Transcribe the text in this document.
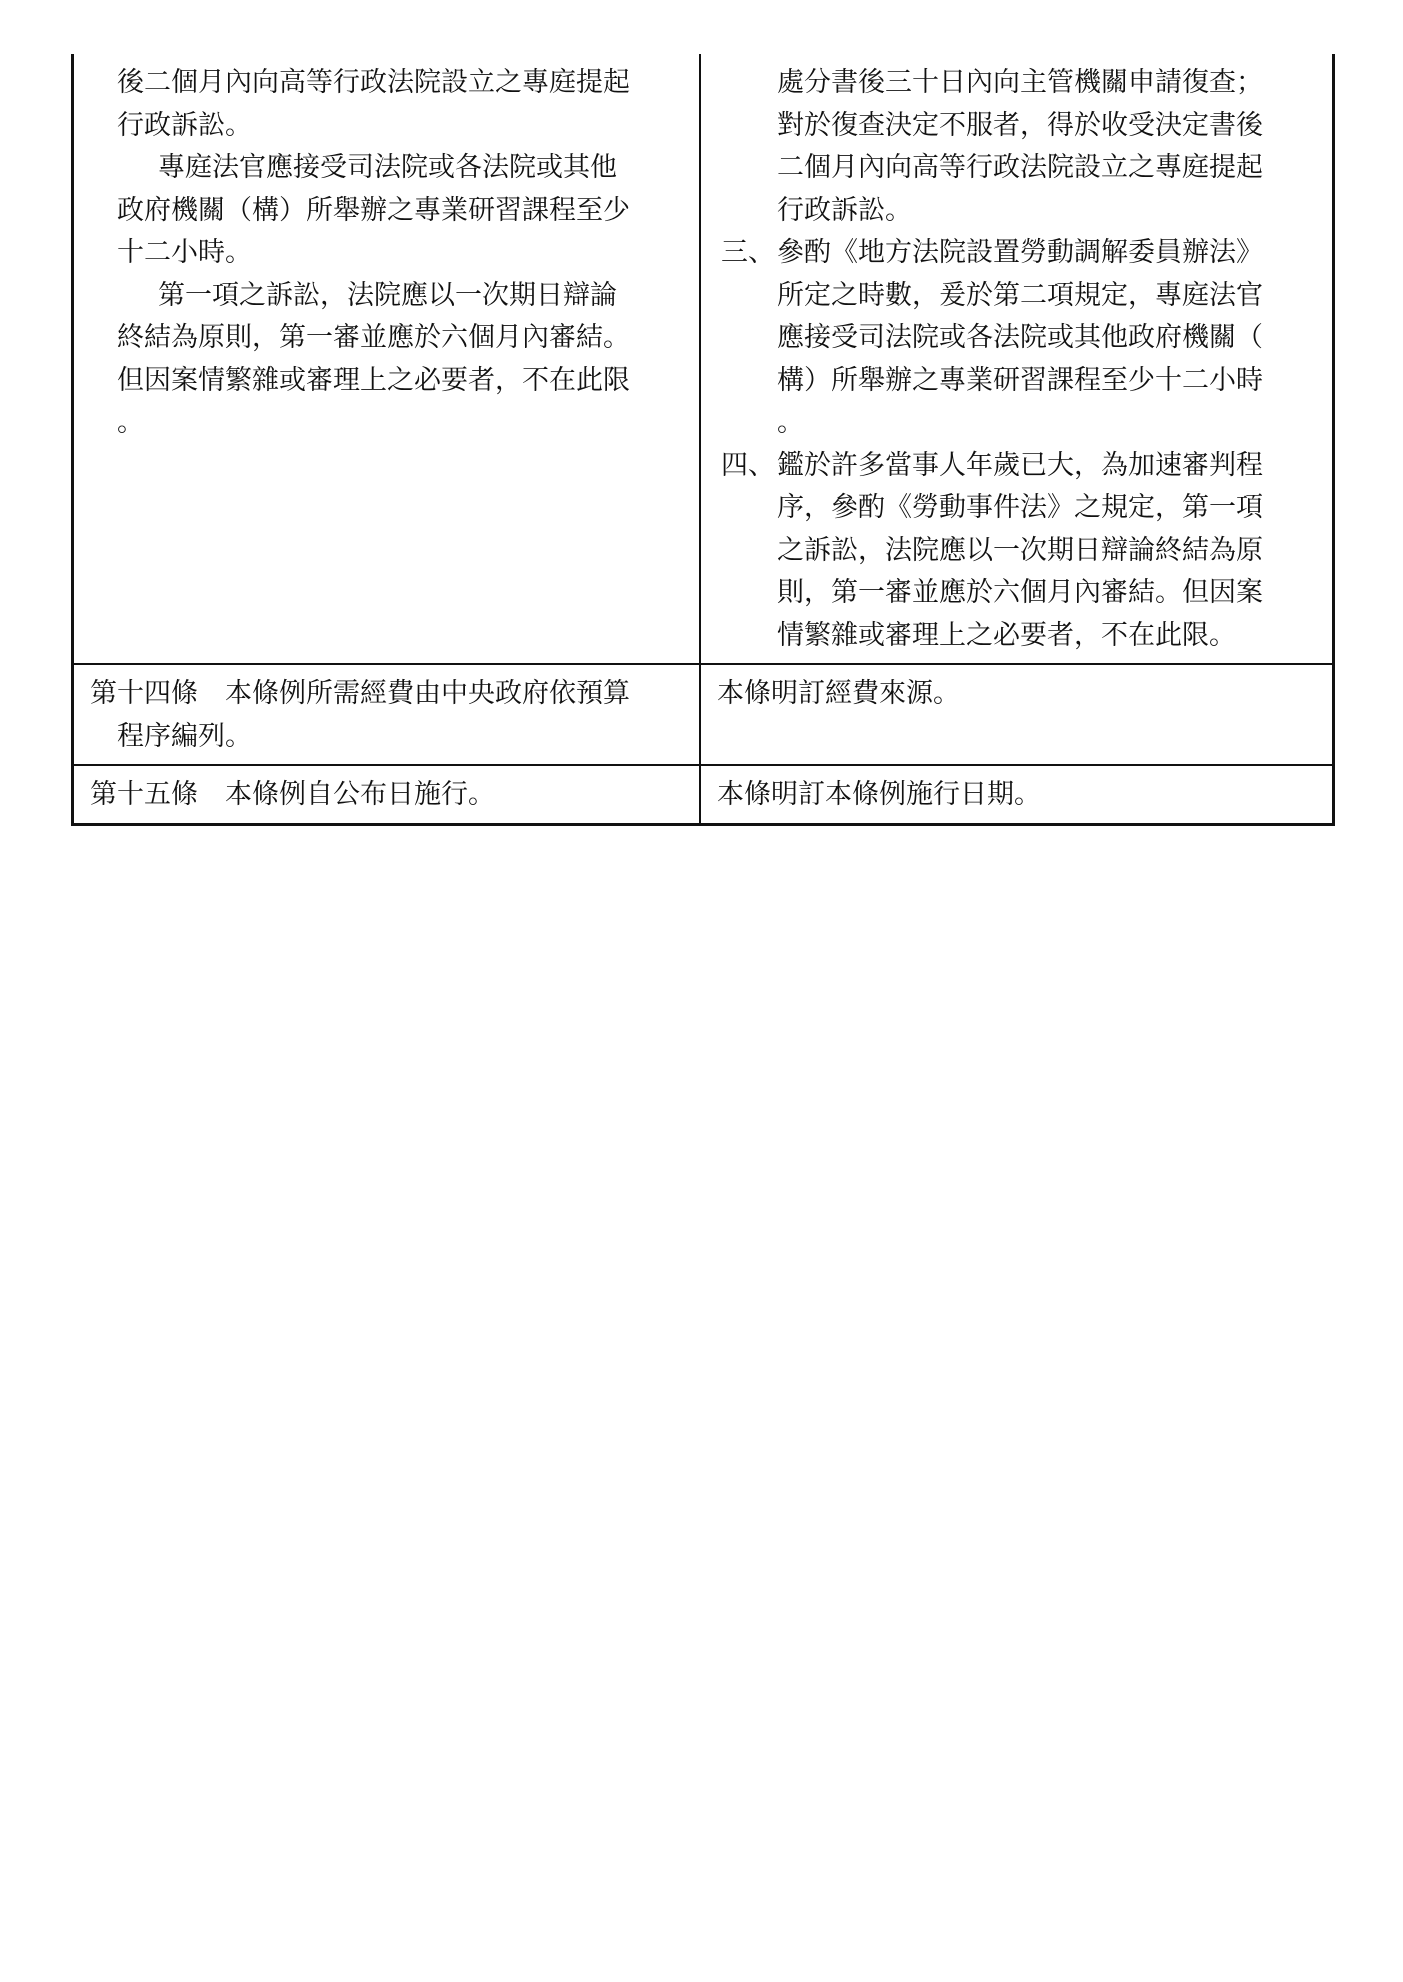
後二個月內向高等行政法院設立之專庭提起
行政訴訟。
專庭法官應接受司法院或各法院或其他
政府機關（構）所舉辦之專業研習課程至少
十二小時。
第一項之訴訟，法院應以一次期日辯論
終結為原則，第一審並應於六個月內審結。
但因案情繁雜或審理上之必要者，不在此限
。
處分書後三十日內向主管機關申請復查；
對於復查決定不服者，得於收受決定書後
二個月內向高等行政法院設立之專庭提起
行政訴訟。
三、 參酌《地方法院設置勞動調解委員辦法》
所定之時數，爰於第二項規定，專庭法官
應接受司法院或各法院或其他政府機關（
構）所舉辦之專業研習課程至少十二小時
。
四、 鑑於許多當事人年歲已大，為加速審判程
序，參酌《勞動事件法》之規定，第一項
之訴訟，法院應以一次期日辯論終結為原
則，第一審並應於六個月內審結。但因案
情繁雜或審理上之必要者，不在此限。
第十四條　本條例所需經費由中央政府依預算
程序編列。
本條明訂經費來源。
第十五條　本條例自公布日施行。	本條明訂本條例施行日期。
